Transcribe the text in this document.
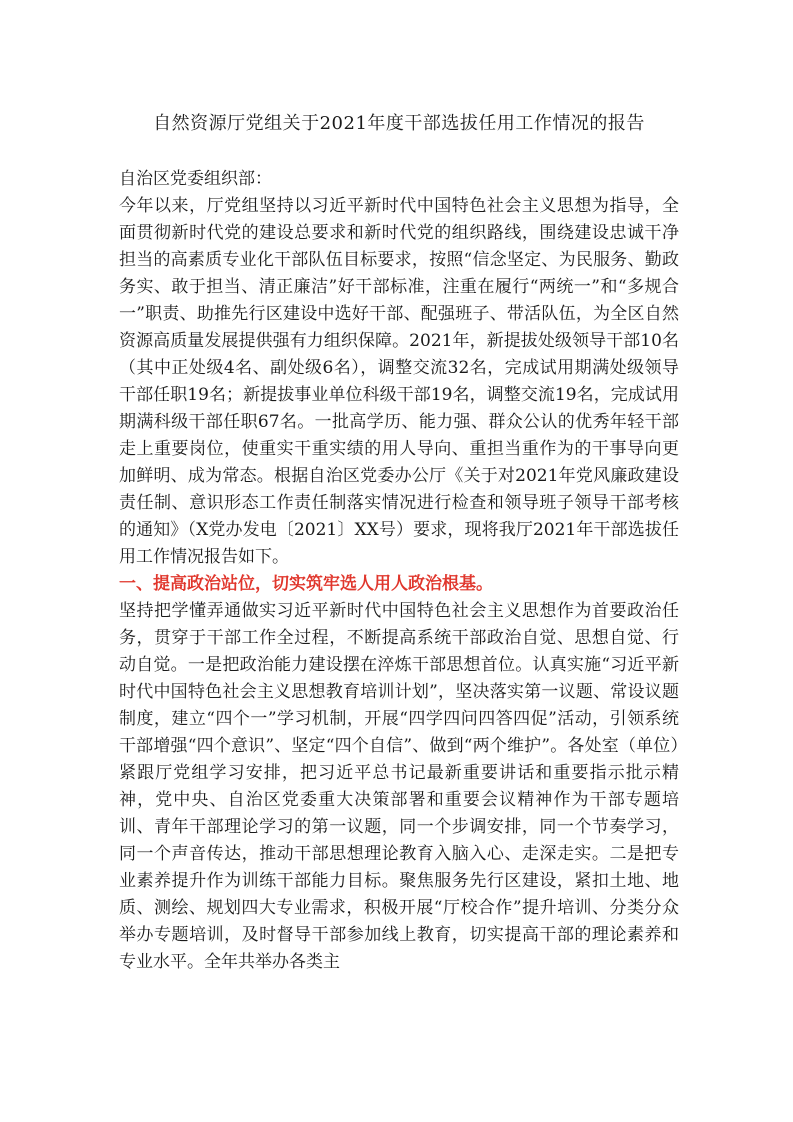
自然资源厅党组关于2021年度干部选拔任用工作情况的报告

自治区党委组织部：

今年以来，厅党组坚持以习近平新时代中国特色社会主义思想为指导，全面贯彻新时代党的建设总要求和新时代党的组织路线，围绕建设忠诚干净担当的高素质专业化干部队伍目标要求，按照“信念坚定、为民服务、勤政务实、敢于担当、清正廉洁”好干部标准，注重在履行“两统一”和“多规合一”职责、助推先行区建设中选好干部、配强班子、带活队伍，为全区自然资源高质量发展提供强有力组织保障。2021年，新提拔处级领导干部10名（其中正处级4名、副处级6名），调整交流32名，完成试用期满处级领导干部任职19名；新提拔事业单位科级干部19名，调整交流19名，完成试用期满科级干部任职67名。一批高学历、能力强、群众公认的优秀年轻干部走上重要岗位，使重实干重实绩的用人导向、重担当重作为的干事导向更加鲜明、成为常态。根据自治区党委办公厅《关于对2021年党风廉政建设责任制、意识形态工作责任制落实情况进行检查和领导班子领导干部考核的通知》（X党办发电〔2021〕XX号）要求，现将我厅2021年干部选拔任用工作情况报告如下。

一、提高政治站位，切实筑牢选人用人政治根基。

坚持把学懂弄通做实习近平新时代中国特色社会主义思想作为首要政治任务，贯穿于干部工作全过程，不断提高系统干部政治自觉、思想自觉、行动自觉。一是把政治能力建设摆在淬炼干部思想首位。认真实施“习近平新时代中国特色社会主义思想教育培训计划”，坚决落实第一议题、常设议题制度，建立“四个一”学习机制，开展“四学四问四答四促”活动，引领系统干部增强“四个意识”、坚定“四个自信”、做到“两个维护”。各处室（单位）紧跟厅党组学习安排，把习近平总书记最新重要讲话和重要指示批示精神，党中央、自治区党委重大决策部署和重要会议精神作为干部专题培训、青年干部理论学习的第一议题，同一个步调安排，同一个节奏学习，同一个声音传达，推动干部思想理论教育入脑入心、走深走实。二是把专业素养提升作为训练干部能力目标。聚焦服务先行区建设，紧扣土地、地质、测绘、规划四大专业需求，积极开展“厅校合作”提升培训、分类分众举办专题培训，及时督导干部参加线上教育，切实提高干部的理论素养和专业水平。全年共举办各类主
